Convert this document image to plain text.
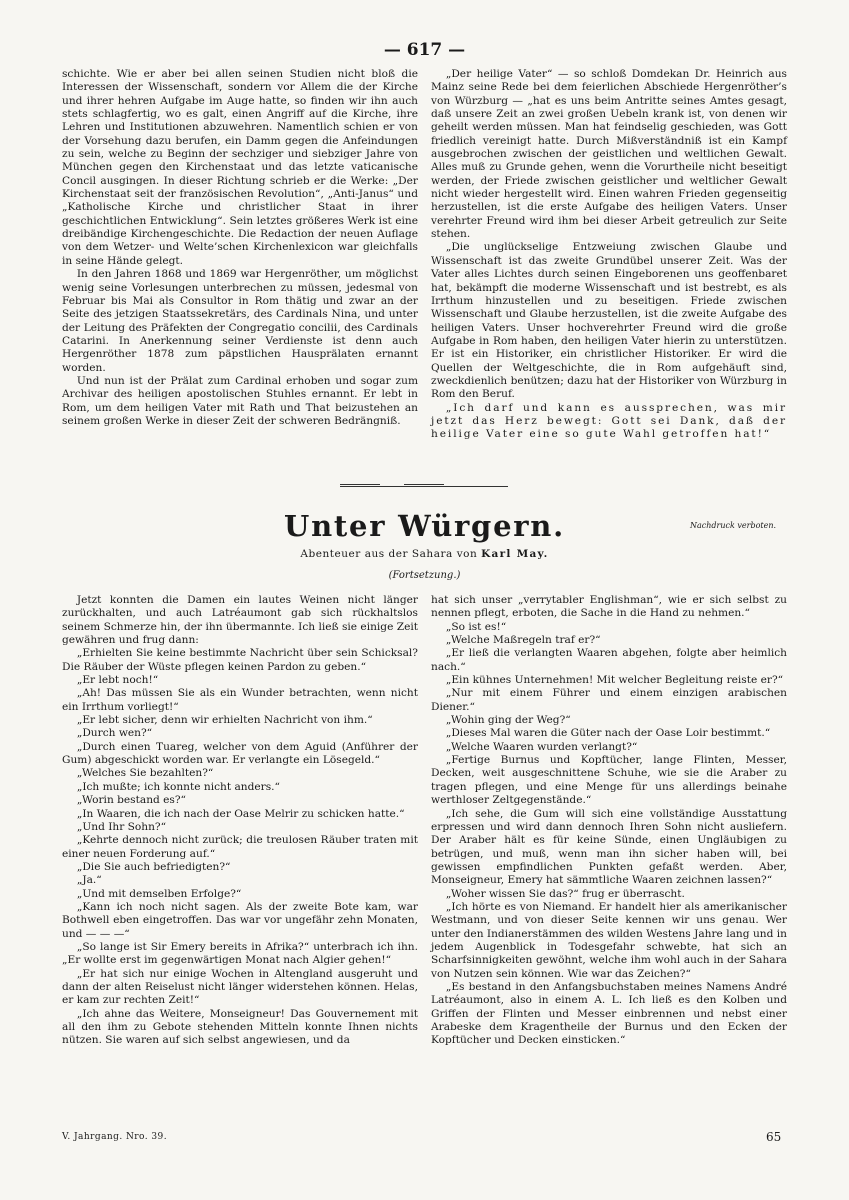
— 617 —

schichte. Wie er aber bei allen seinen Studien nicht bloß die Interessen der Wissenschaft, sondern vor Allem die der Kirche und ihrer hehren Aufgabe im Auge hatte, so finden wir ihn auch stets schlagfertig, wo es galt, einen Angriff auf die Kirche, ihre Lehren und Institutionen abzuwehren. Namentlich schien er von der Vorsehung dazu berufen, ein Damm gegen die Anfeindungen zu sein, welche zu Beginn der sechziger und siebziger Jahre von München gegen den Kirchenstaat und das letzte vaticanische Concil ausgingen. In dieser Richtung schrieb er die Werke: „Der Kirchenstaat seit der französischen Revolution“, „Anti-Janus“ und „Katholische Kirche und christlicher Staat in ihrer geschichtlichen Entwicklung“. Sein letztes größeres Werk ist eine dreibändige Kirchengeschichte. Die Redaction der neuen Auflage von dem Wetzer- und Welte’schen Kirchenlexicon war gleichfalls in seine Hände gelegt.

In den Jahren 1868 und 1869 war Hergenröther, um möglichst wenig seine Vorlesungen unterbrechen zu müssen, jedesmal von Februar bis Mai als Consultor in Rom thätig und zwar an der Seite des jetzigen Staatssekretärs, des Cardinals Nina, und unter der Leitung des Präfekten der Congregatio concilii, des Cardinals Catarini. In Anerkennung seiner Verdienste ist denn auch Hergenröther 1878 zum päpstlichen Hausprälaten ernannt worden.

Und nun ist der Prälat zum Cardinal erhoben und sogar zum Archivar des heiligen apostolischen Stuhles ernannt. Er lebt in Rom, um dem heiligen Vater mit Rath und That beizustehen an seinem großen Werke in dieser Zeit der schweren Bedrängniß.

„Der heilige Vater“ — so schloß Domdekan Dr. Heinrich aus Mainz seine Rede bei dem feierlichen Abschiede Hergenröther’s von Würzburg — „hat es uns beim Antritte seines Amtes gesagt, daß unsere Zeit an zwei großen Uebeln krank ist, von denen wir geheilt werden müssen. Man hat feindselig geschieden, was Gott friedlich vereinigt hatte. Durch Mißverständniß ist ein Kampf ausgebrochen zwischen der geistlichen und weltlichen Gewalt. Alles muß zu Grunde gehen, wenn die Vorurtheile nicht beseitigt werden, der Friede zwischen geistlicher und weltlicher Gewalt nicht wieder hergestellt wird. Einen wahren Frieden gegenseitig herzustellen, ist die erste Aufgabe des heiligen Vaters. Unser verehrter Freund wird ihm bei dieser Arbeit getreulich zur Seite stehen.

„Die unglückselige Entzweiung zwischen Glaube und Wissenschaft ist das zweite Grundübel unserer Zeit. Was der Vater alles Lichtes durch seinen Eingeborenen uns geoffenbaret hat, bekämpft die moderne Wissenschaft und ist bestrebt, es als Irrthum hinzustellen und zu beseitigen. Friede zwischen Wissenschaft und Glaube herzustellen, ist die zweite Aufgabe des heiligen Vaters. Unser hochverehrter Freund wird die große Aufgabe in Rom haben, den heiligen Vater hierin zu unterstützen. Er ist ein Historiker, ein christlicher Historiker. Er wird die Quellen der Weltgeschichte, die in Rom aufgehäuft sind, zweckdienlich benützen; dazu hat der Historiker von Würzburg in Rom den Beruf.

„Ich darf und kann es aussprechen, was mir jetzt das Herz bewegt: Gott sei Dank, daß der heilige Vater eine so gute Wahl getroffen hat!“

Unter Würgern.	Nachdruck verboten.
Abenteuer aus der Sahara von Karl May.
(Fortsetzung.)

Jetzt konnten die Damen ein lautes Weinen nicht länger zurückhalten, und auch Latréaumont gab sich rückhaltslos seinem Schmerze hin, der ihn übermannte. Ich ließ sie einige Zeit gewähren und frug dann:

„Erhielten Sie keine bestimmte Nachricht über sein Schicksal? Die Räuber der Wüste pflegen keinen Pardon zu geben.“

„Er lebt noch!“

„Ah! Das müssen Sie als ein Wunder betrachten, wenn nicht ein Irrthum vorliegt!“

„Er lebt sicher, denn wir erhielten Nachricht von ihm.“

„Durch wen?“

„Durch einen Tuareg, welcher von dem Aguid (Anführer der Gum) abgeschickt worden war. Er verlangte ein Lösegeld.“

„Welches Sie bezahlten?“

„Ich mußte; ich konnte nicht anders.“

„Worin bestand es?“

„In Waaren, die ich nach der Oase Melrir zu schicken hatte.“

„Und Ihr Sohn?“

„Kehrte dennoch nicht zurück; die treulosen Räuber traten mit einer neuen Forderung auf.“

„Die Sie auch befriedigten?“

„Ja.“

„Und mit demselben Erfolge?“

„Kann ich noch nicht sagen. Als der zweite Bote kam, war Bothwell eben eingetroffen. Das war vor ungefähr zehn Monaten, und — — —“

„So lange ist Sir Emery bereits in Afrika?“ unterbrach ich ihn. „Er wollte erst im gegenwärtigen Monat nach Algier gehen!“

„Er hat sich nur einige Wochen in Altengland ausgeruht und dann der alten Reiselust nicht länger widerstehen können. Helas, er kam zur rechten Zeit!“

„Ich ahne das Weitere, Monseigneur! Das Gouvernement mit all den ihm zu Gebote stehenden Mitteln konnte Ihnen nichts nützen. Sie waren auf sich selbst angewiesen, und da

hat sich unser „verrytabler Englishman“, wie er sich selbst zu nennen pflegt, erboten, die Sache in die Hand zu nehmen.“

„So ist es!“

„Welche Maßregeln traf er?“

„Er ließ die verlangten Waaren abgehen, folgte aber heimlich nach.“

„Ein kühnes Unternehmen! Mit welcher Begleitung reiste er?“

„Nur mit einem Führer und einem einzigen arabischen Diener.“

„Wohin ging der Weg?“

„Dieses Mal waren die Güter nach der Oase Loir bestimmt.“

„Welche Waaren wurden verlangt?“

„Fertige Burnus und Kopftücher, lange Flinten, Messer, Decken, weit ausgeschnittene Schuhe, wie sie die Araber zu tragen pflegen, und eine Menge für uns allerdings beinahe werthloser Zeltgegenstände.“

„Ich sehe, die Gum will sich eine vollständige Ausstattung erpressen und wird dann dennoch Ihren Sohn nicht ausliefern. Der Araber hält es für keine Sünde, einen Ungläubigen zu betrügen, und muß, wenn man ihn sicher haben will, bei gewissen empfindlichen Punkten gefaßt werden. Aber, Monseigneur, Emery hat sämmtliche Waaren zeichnen lassen?“

„Woher wissen Sie das?“ frug er überrascht.

„Ich hörte es von Niemand. Er handelt hier als amerikanischer Westmann, und von dieser Seite kennen wir uns genau. Wer unter den Indianerstämmen des wilden Westens Jahre lang und in jedem Augenblick in Todesgefahr schwebte, hat sich an Scharfsinnigkeiten gewöhnt, welche ihm wohl auch in der Sahara von Nutzen sein können. Wie war das Zeichen?“

„Es bestand in den Anfangsbuchstaben meines Namens André Latréaumont, also in einem A. L. Ich ließ es den Kolben und Griffen der Flinten und Messer einbrennen und nebst einer Arabeske dem Kragentheile der Burnus und den Ecken der Kopftücher und Decken einsticken.“

V. Jahrgang. Nro. 39.	65
